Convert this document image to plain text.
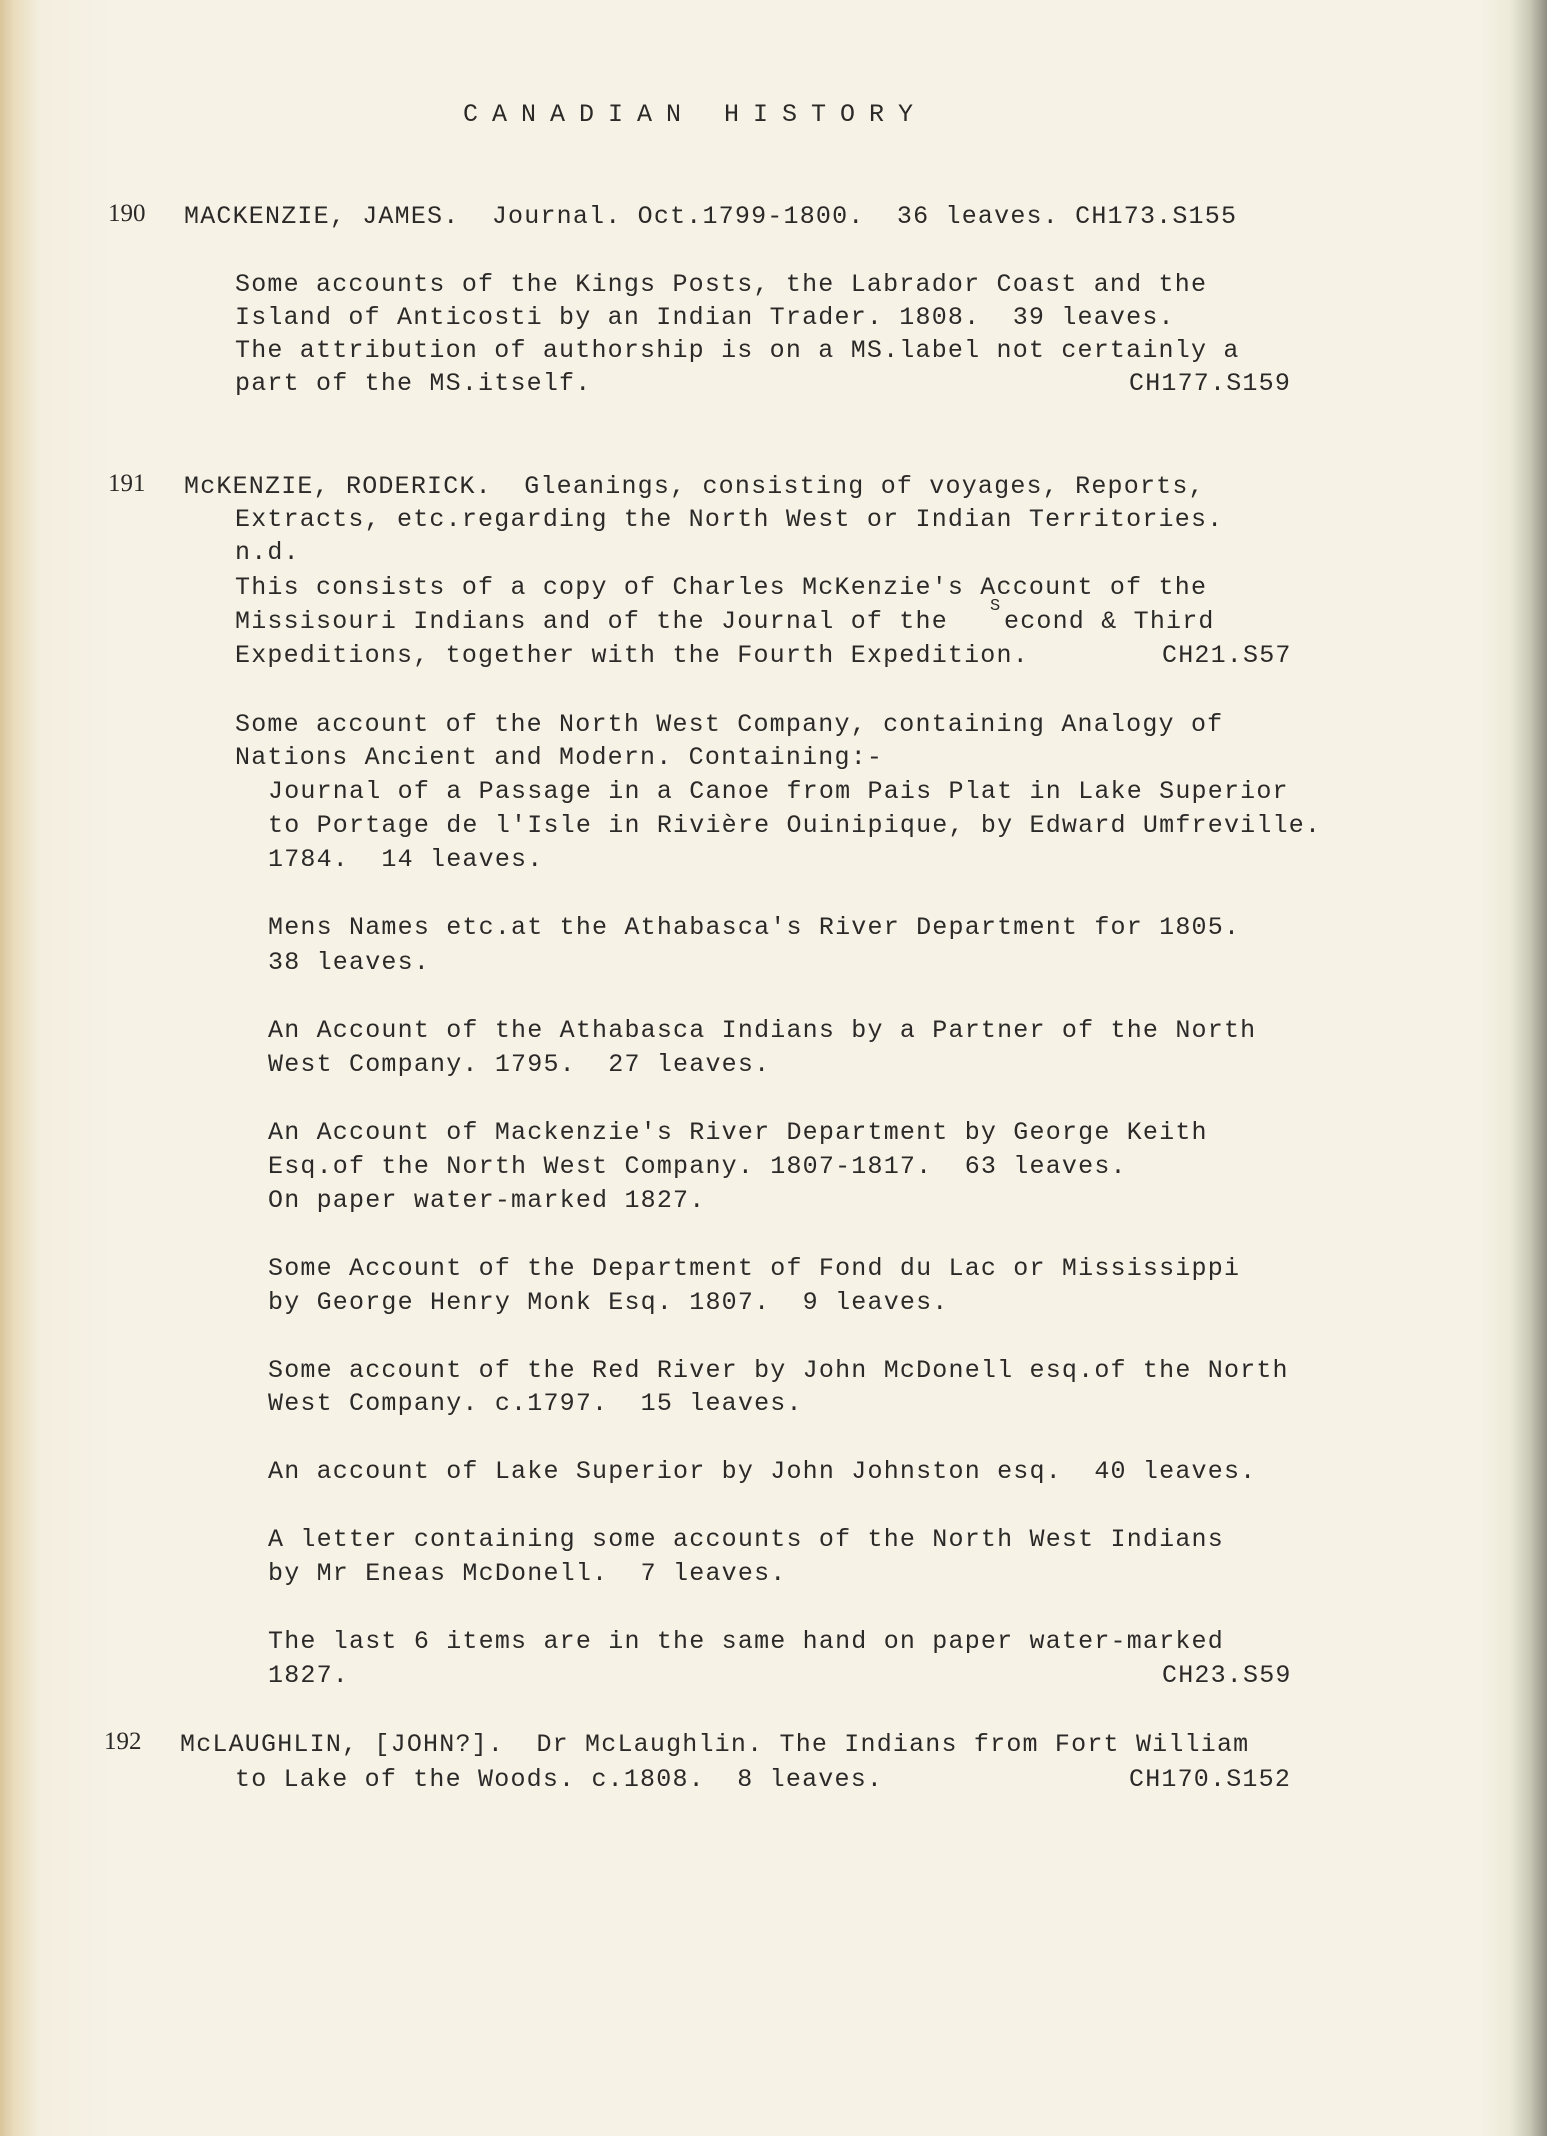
CANADIAN HISTORY
190 MACKENZIE, JAMES.  Journal. Oct.1799-1800.  36 leaves. CH173.S155
Some accounts of the Kings Posts, the Labrador Coast and the
Island of Anticosti by an Indian Trader. 1808.  39 leaves.
The attribution of authorship is on a MS.label not certainly a
part of the MS.itself.	CH177.S159
191 McKENZIE, RODERICK.  Gleanings, consisting of voyages, Reports,
Extracts, etc.regarding the North West or Indian Territories.
n.d.
This consists of a copy of Charles McKenzie's Account of the
Missisouri Indians and of the Journal of the
S
econd & Third
Expeditions, together with the Fourth Expedition.	CH21.S57
Some account of the North West Company, containing Analogy of
Nations Ancient and Modern. Containing:-
Journal of a Passage in a Canoe from Pais Plat in Lake Superior
to Portage de l'Isle in Rivière Ouinipique, by Edward Umfreville.
1784.  14 leaves.
Mens Names etc.at the Athabasca's River Department for 1805.
38 leaves.
An Account of the Athabasca Indians by a Partner of the North
West Company. 1795.  27 leaves.
An Account of Mackenzie's River Department by George Keith
Esq.of the North West Company. 1807-1817.  63 leaves.
On paper water-marked 1827.
Some Account of the Department of Fond du Lac or Mississippi
by George Henry Monk Esq. 1807.  9 leaves.
Some account of the Red River by John McDonell esq.of the North
West Company. c.1797.  15 leaves.
An account of Lake Superior by John Johnston esq.  40 leaves.
A letter containing some accounts of the North West Indians
by Mr Eneas McDonell.  7 leaves.
The last 6 items are in the same hand on paper water-marked
1827.	CH23.S59
192 McLAUGHLIN, [JOHN?].  Dr McLaughlin. The Indians from Fort William
to Lake of the Woods. c.1808.  8 leaves.	CH170.S152
